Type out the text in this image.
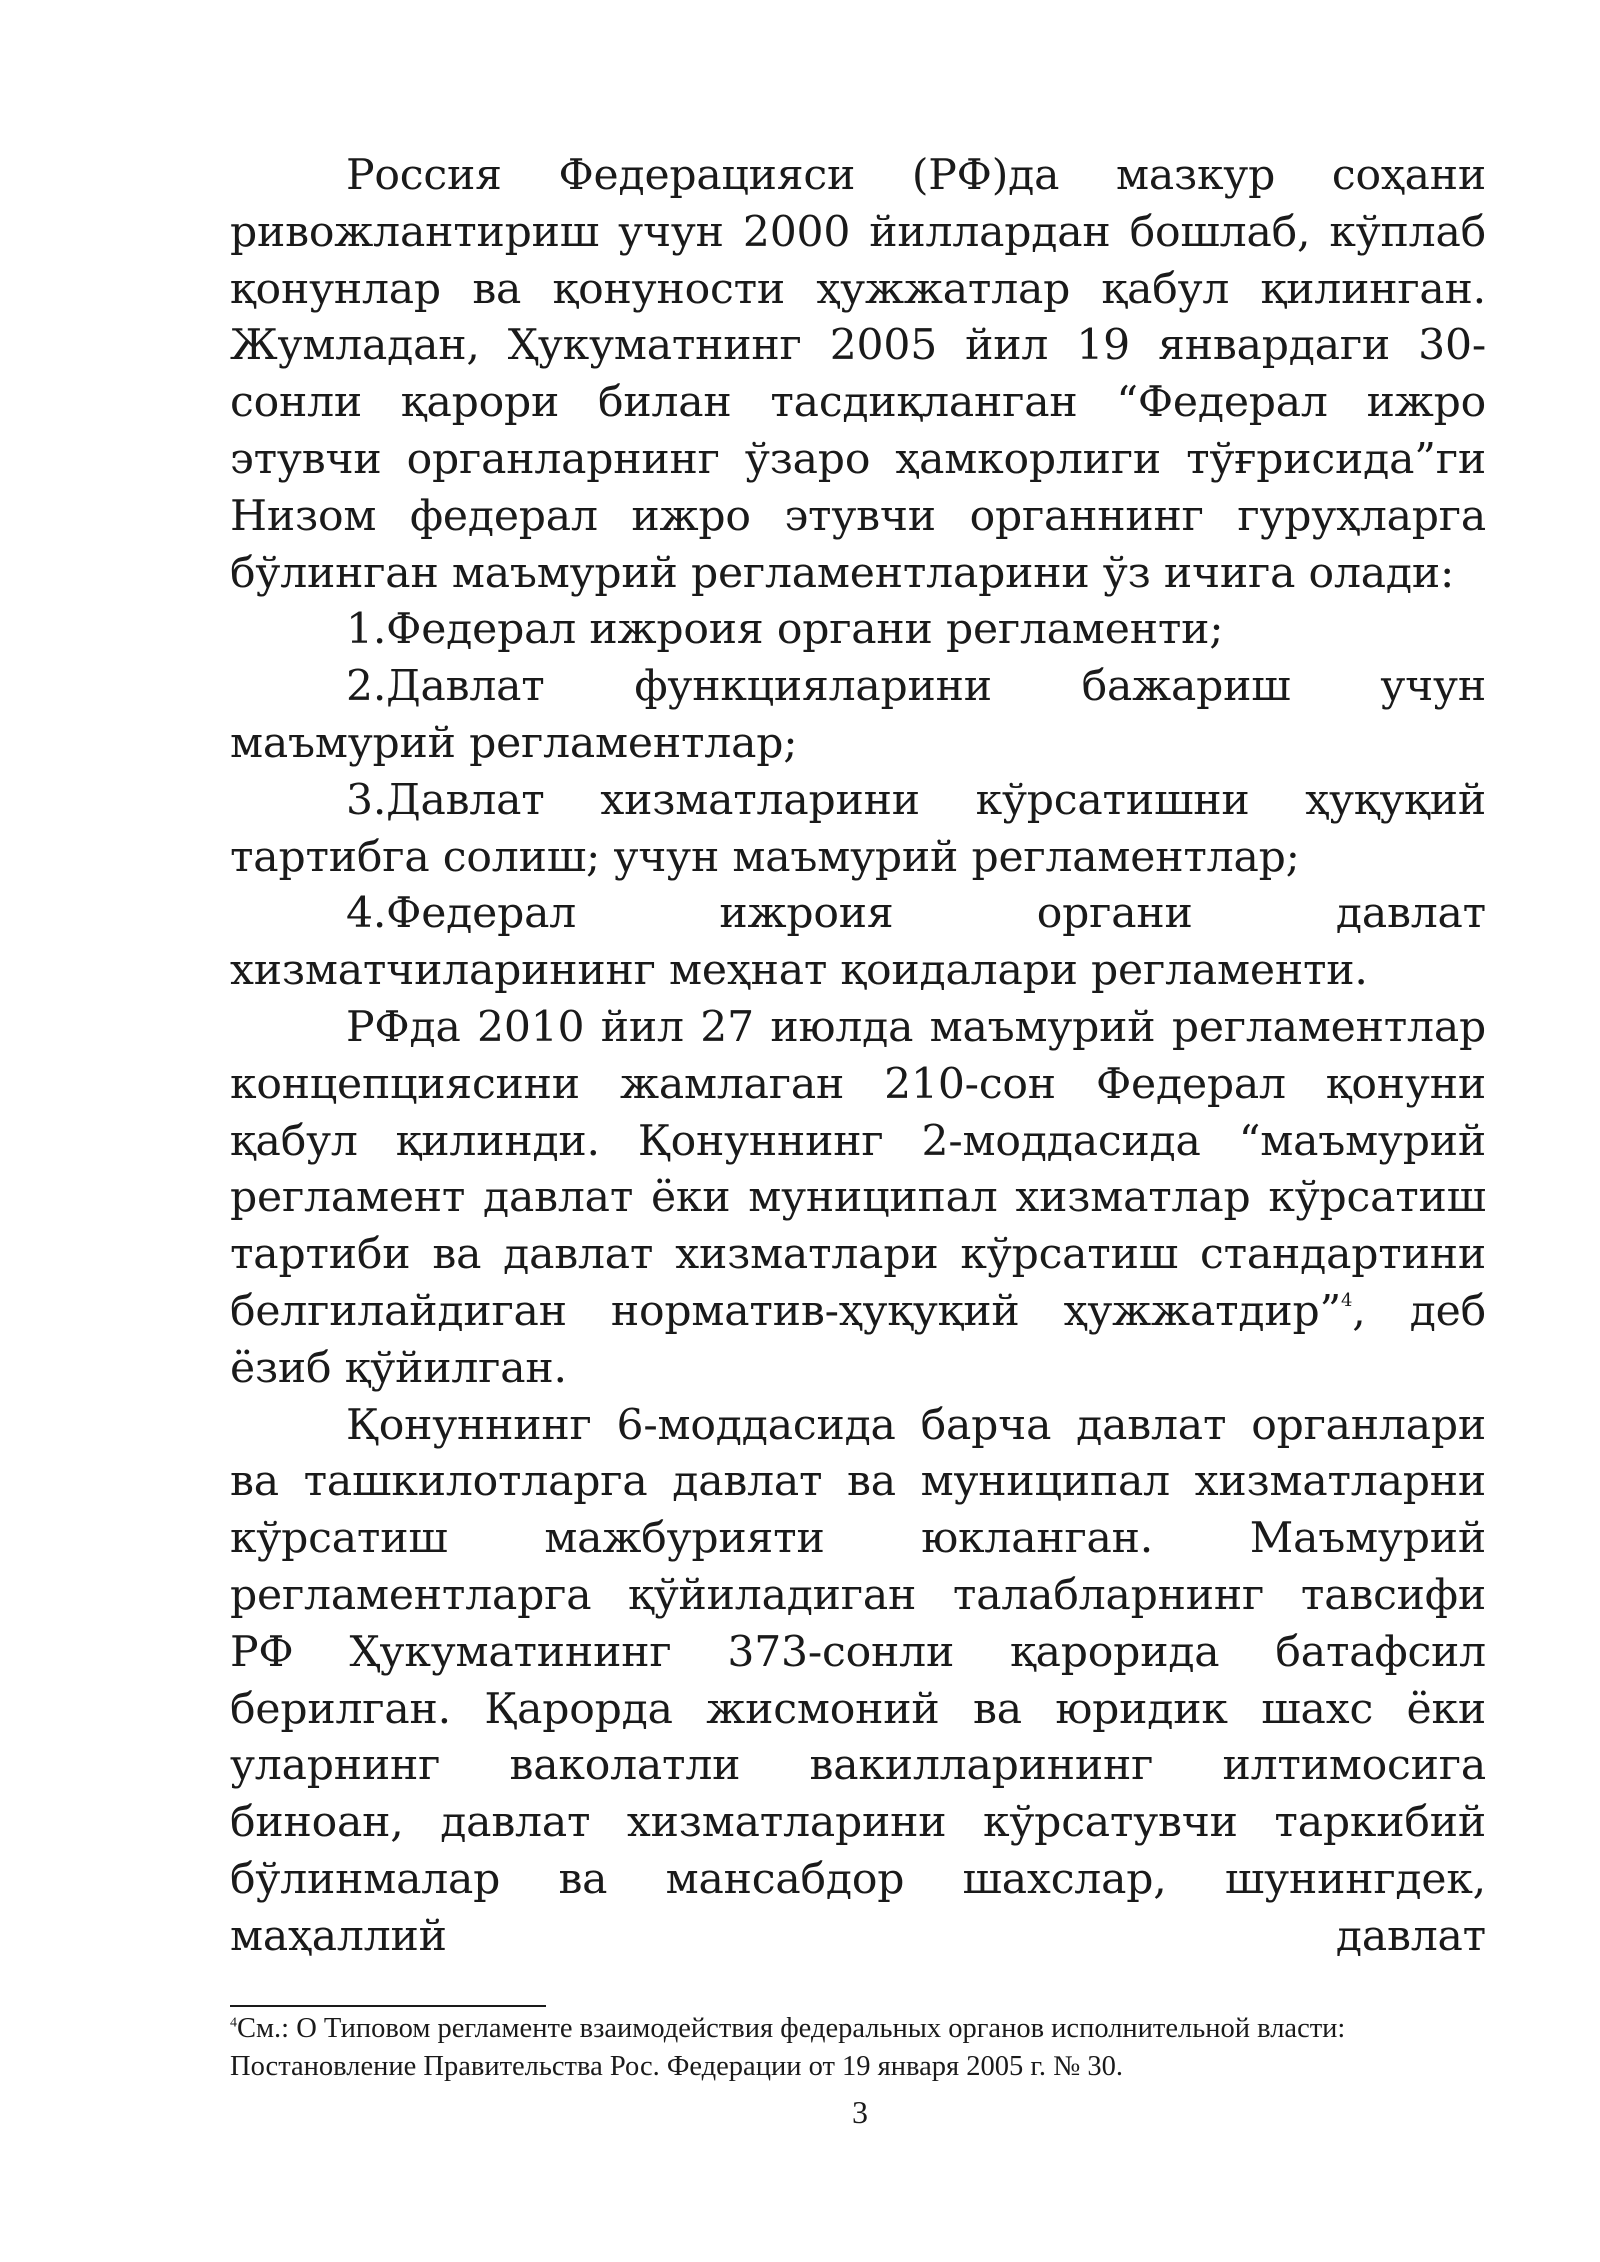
Россия Федерацияси (РФ)да мазкур соҳани ривожлантириш учун 2000 йиллардан бошлаб, кўплаб қонунлар ва қонуности ҳужжатлар қабул қилинган. Жумладан, Ҳукуматнинг 2005 йил 19 январдаги 30-сонли қарори билан тасдиқланган “Федерал ижро этувчи органларнинг ўзаро ҳамкорлиги тўғрисида”ги Низом федерал ижро этувчи органнинг гуруҳларга бўлинган маъмурий регламентларини ўз ичига олади:

1.Федерал ижроия органи регламенти;

2.Давлат функцияларини бажариш учун маъмурий регламентлар;

3.Давлат хизматларини кўрсатишни ҳуқуқий тартибга солиш; учун маъмурий регламентлар;

4.Федерал ижроия органи давлат хизматчиларининг меҳнат қоидалари регламенти.

РФда 2010 йил 27 июлда маъмурий регламентлар концепциясини жамлаган 210-сон Федерал қонуни қабул қилинди. Қонуннинг 2-моддасида “маъмурий регламент давлат ёки муниципал хизматлар кўрсатиш тартиби ва давлат хизматлари кўрсатиш стандартини белгилайдиган норматив-ҳуқуқий ҳужжатдир”$^4$, деб ёзиб қўйилган.

Қонуннинг 6-моддасида барча давлат органлари ва ташкилотларга давлат ва муниципал хизматларни кўрсатиш мажбурияти юкланган. Маъмурий регламентларга қўйиладиган талабларнинг тавсифи РФ Ҳукуматининг 373-сонли қарорида батафсил берилган. Қарорда жисмоний ва юридик шахс ёки уларнинг ваколатли вакилларининг илтимосига биноан, давлат хизматларини кўрсатувчи таркибий бўлинмалар ва мансабдор шахслар, шунингдек, маҳаллий давлат

$^4$См.: О Типовом регламенте взаимодействия федеральных органов исполнительной власти: Постановление Правительства Рос. Федерации от 19 января 2005 г. № 30.

3
